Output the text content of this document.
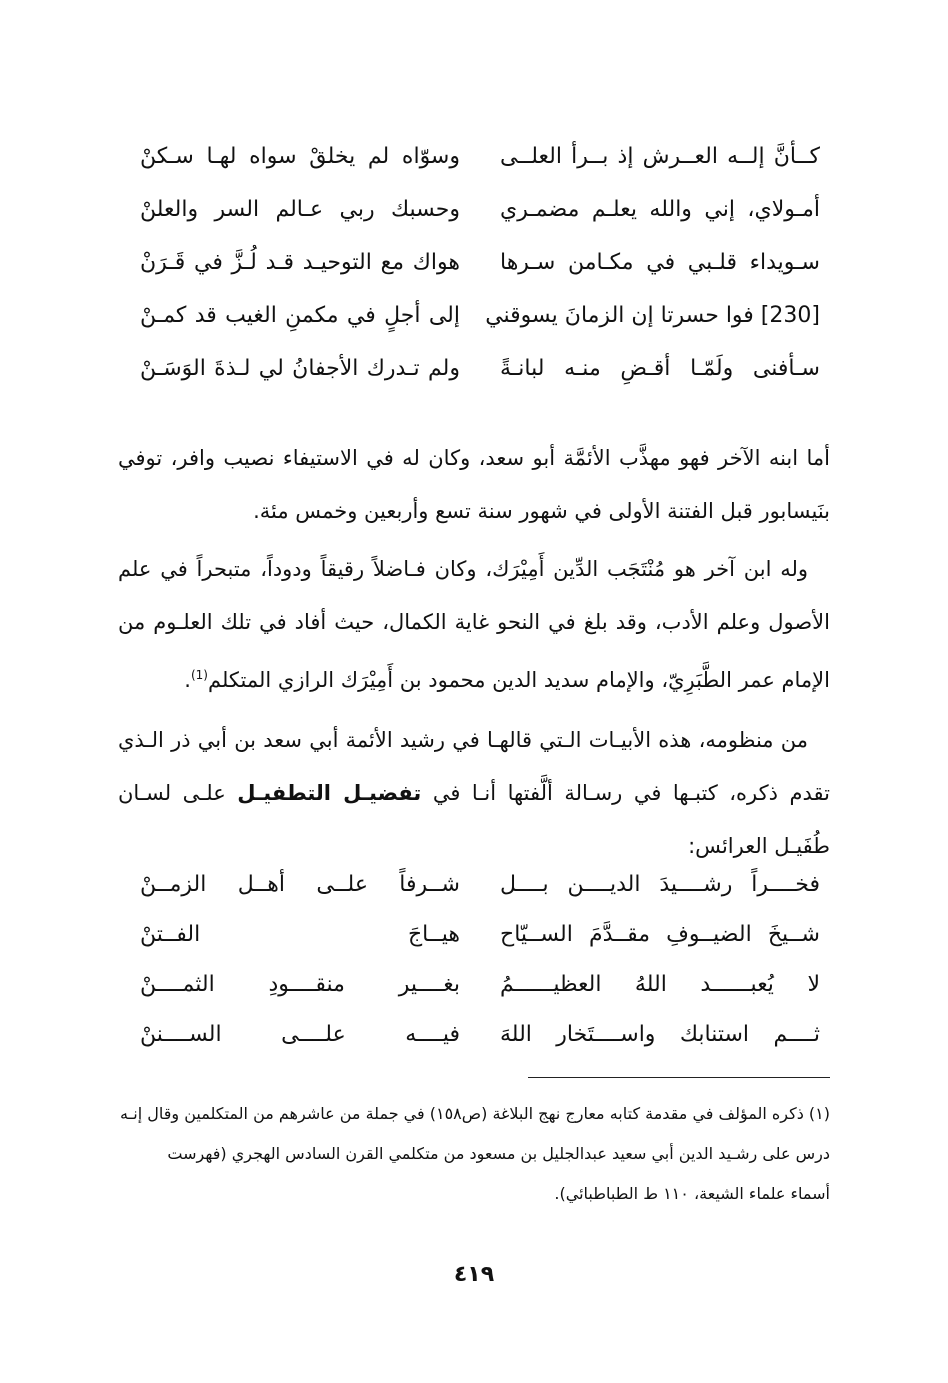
كــأنَّ إلــه العــرش إذ بــرأ العلــى
وسوّاه لم يخلقْ سواه لهـا سـكنْ
أمـولاي، إني والله يعلـم مضمـري
وحسبك ربي عـالم السر والعلنْ
سـويداء قلـبي في مكـامن سـرها
هواك مع التوحيـد قـد لُـزَّ في قَـرَنْ
[230] فوا حسرتا إن الزمانَ يسوقني
إلى أجلٍ في مكمنِ الغيب قد كمـنْ
سـأفنى ولَمّـا أقـضِ منـه لبانـةً
ولم تـدرك الأجفانُ لي لـذةَ الوَسَـنْ

أما ابنه الآخر فهو مهذَّب الأئمَّة أبو سعد، وكان له في الاستيفاء نصيب وافر، توفي بنَيسابور قبل الفتنة الأولى في شهور سنة تسع وأربعين وخمس مئة.

وله ابن آخر هو مُنْتَجَب الدِّين أَمِيْرَك، وكان فـاضلاً رقيقاً ودوداً، متبحراً في علم الأصول وعلم الأدب، وقد بلغ في النحو غاية الكمال، حيث أفاد في تلك العلـوم من الإمام عمر الطَّبَرِيّ، والإمام سديد الدين محمود بن أَمِيْرَك الرازي المتكلم$^{(1)}$.

من منظومه، هذه الأبيـات الـتي قالهـا في رشيد الأئمة أبي سعد بن أبي ذر الـذي تقدم ذكره، كتبـها في رسـالة ألَّفتها أنـا في تفضيـل التطفيـل علـى لسـان طُفَيـل العرائس:

فخــــراً رشــــيدَ الديــــن بــــل
شــرفاً علــى أهــل الزمــنْ
شــيخَ الضيــوفِ مقــدَّمَ الســيّاح
هيــاجَ الفــتنْ
لا يُعبــــــد اللهُ العظيــــــمُ
بغــــير منقــــودِ الثمــــنْ
ثــــم استنابك واســــتَخار اللهَ
فيــــه علــــى الســــننْ

(١) ذكره المؤلف في مقدمة كتابه معارج نهج البلاغة (ص١٥٨) في جملة من عاشرهم من المتكلمين وقال إنـه

درس على رشـيد الدين أبي سعيد عبدالجليل بن مسعود من متكلمي القرن السادس الهجري (فهرست

أسماء علماء الشيعة، ١١٠ ط الطباطبائي).

٤١٩
